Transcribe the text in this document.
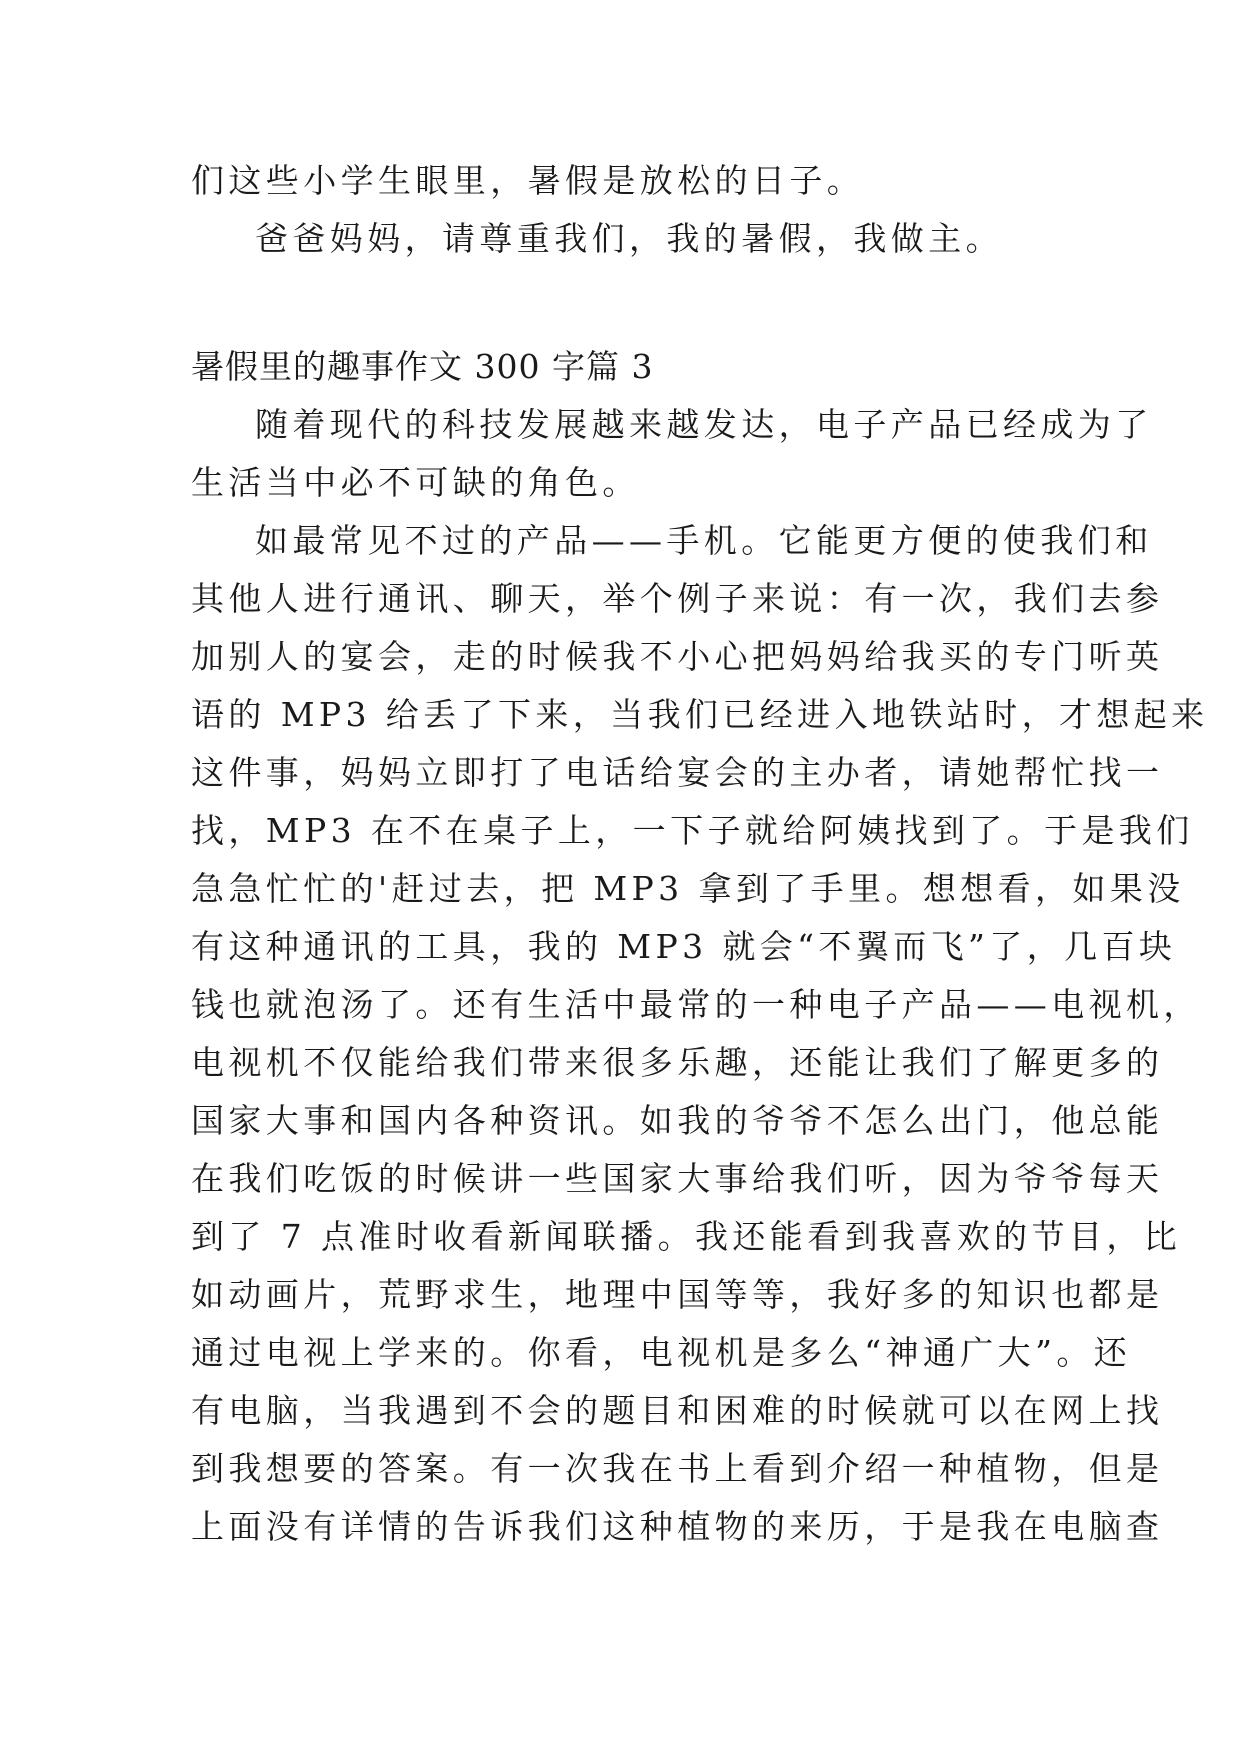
们这些小学生眼里，暑假是放松的日子。

爸爸妈妈，请尊重我们，我的暑假，我做主。

暑假里的趣事作文 300 字篇 3

随着现代的科技发展越来越发达，电子产品已经成为了

生活当中必不可缺的角色。

如最常见不过的产品——手机。它能更方便的使我们和

其他人进行通讯、聊天，举个例子来说：有一次，我们去参

加别人的宴会，走的时候我不小心把妈妈给我买的专门听英

语的 MP3 给丢了下来，当我们已经进入地铁站时，才想起来

这件事，妈妈立即打了电话给宴会的主办者，请她帮忙找一

找，MP3 在不在桌子上，一下子就给阿姨找到了。于是我们

急急忙忙的'赶过去，把 MP3 拿到了手里。想想看，如果没

有这种通讯的工具，我的 MP3 就会“不翼而飞”了，几百块

钱也就泡汤了。还有生活中最常的一种电子产品——电视机，

电视机不仅能给我们带来很多乐趣，还能让我们了解更多的

国家大事和国内各种资讯。如我的爷爷不怎么出门，他总能

在我们吃饭的时候讲一些国家大事给我们听，因为爷爷每天

到了 7 点准时收看新闻联播。我还能看到我喜欢的节目，比

如动画片，荒野求生，地理中国等等，我好多的知识也都是

通过电视上学来的。你看，电视机是多么“神通广大”。还

有电脑，当我遇到不会的题目和困难的时候就可以在网上找

到我想要的答案。有一次我在书上看到介绍一种植物，但是

上面没有详情的告诉我们这种植物的来历，于是我在电脑查
